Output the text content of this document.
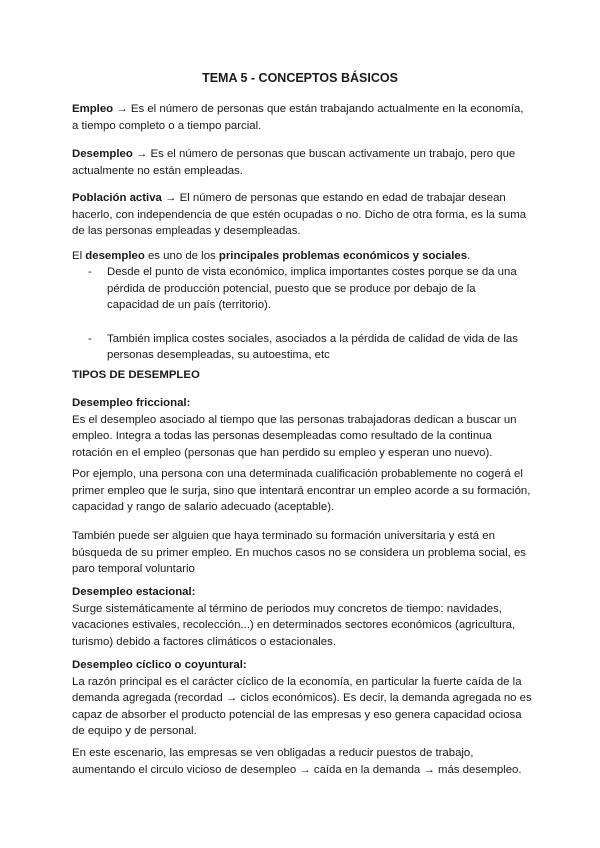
TEMA 5 - CONCEPTOS BÁSICOS

Empleo → Es el número de personas que están trabajando actualmente en la economía, a tiempo completo o a tiempo parcial.

Desempleo → Es el número de personas que buscan activamente un trabajo, pero que actualmente no están empleadas.

Población activa → El número de personas que estando en edad de trabajar desean hacerlo, con independencia de que estén ocupadas o no. Dicho de otra forma, es la suma de las personas empleadas y desempleadas.

El desempleo es uno de los principales problemas económicos y sociales.

- Desde el punto de vista económico, implica importantes costes porque se da una pérdida de producción potencial, puesto que se produce por debajo de la capacidad de un país (territorio).
- También implica costes sociales, asociados a la pérdida de calidad de vida de las personas desempleadas, su autoestima, etc
TIPOS DE DESEMPLEO

Desempleo friccional:

Es el desempleo asociado al tiempo que las personas trabajadoras dedican a buscar un empleo. Integra a todas las personas desempleadas como resultado de la continua rotación en el empleo (personas que han perdido su empleo y esperan uno nuevo).

Por ejemplo, una persona con una determinada cualificación probablemente no cogerá el primer empleo que le surja, sino que intentará encontrar un empleo acorde a su formación, capacidad y rango de salario adecuado (aceptable).

También puede ser alguien que haya terminado su formación universitaria y está en búsqueda de su primer empleo. En muchos casos no se considera un problema social, es paro temporal voluntario

Desempleo estacional:

Surge sistemáticamente al término de periodos muy concretos de tiempo: navidades, vacaciones estivales, recolección...) en determinados sectores económicos (agricultura, turismo) debido a factores climáticos o estacionales.

Desempleo cíclico o coyuntural:

La razón principal es el carácter cíclico de la economía, en particular la fuerte caída de la demanda agregada (recordad → ciclos económicos). Es decir, la demanda agregada no es capaz de absorber el producto potencial de las empresas y eso genera capacidad ociosa de equipo y de personal.

En este escenario, las empresas se ven obligadas a reducir puestos de trabajo, aumentando el circulo vicioso de desempleo → caída en la demanda → más desempleo.
